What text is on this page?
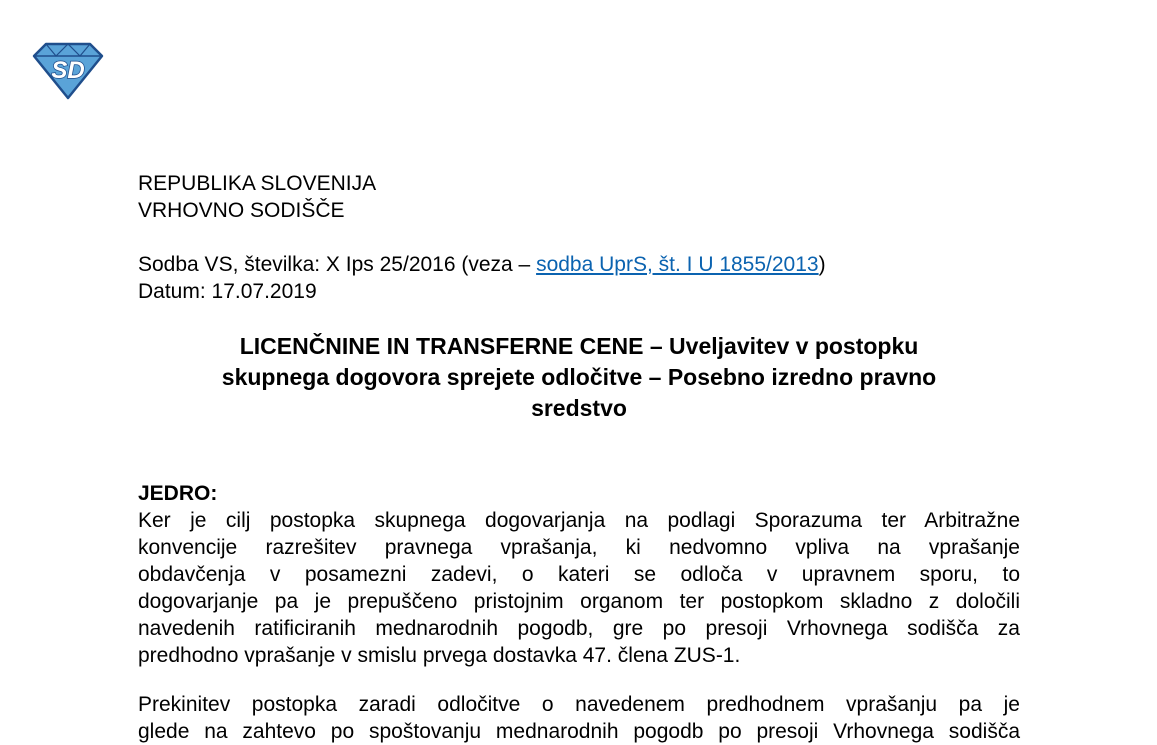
SD
REPUBLIKA SLOVENIJA
VRHOVNO SODIŠČE
Sodba VS, številka: X Ips 25/2016 (veza – sodba UprS, št. I U 1855/2013)
Datum: 17.07.2019
LICENČNINE IN TRANSFERNE CENE – Uveljavitev v postopku
skupnega dogovora sprejete odločitve – Posebno izredno pravno
sredstvo
JEDRO:
Ker je cilj postopka skupnega dogovarjanja na podlagi Sporazuma ter Arbitražne
konvencije razrešitev pravnega vprašanja, ki nedvomno vpliva na vprašanje
obdavčenja v posamezni zadevi, o kateri se odloča v upravnem sporu, to
dogovarjanje pa je prepuščeno pristojnim organom ter postopkom skladno z določili
navedenih ratificiranih mednarodnih pogodb, gre po presoji Vrhovnega sodišča za
predhodno vprašanje v smislu prvega dostavka 47. člena ZUS-1.
Prekinitev postopka zaradi odločitve o navedenem predhodnem vprašanju pa je
glede na zahtevo po spoštovanju mednarodnih pogodb po presoji Vrhovnega sodišča
